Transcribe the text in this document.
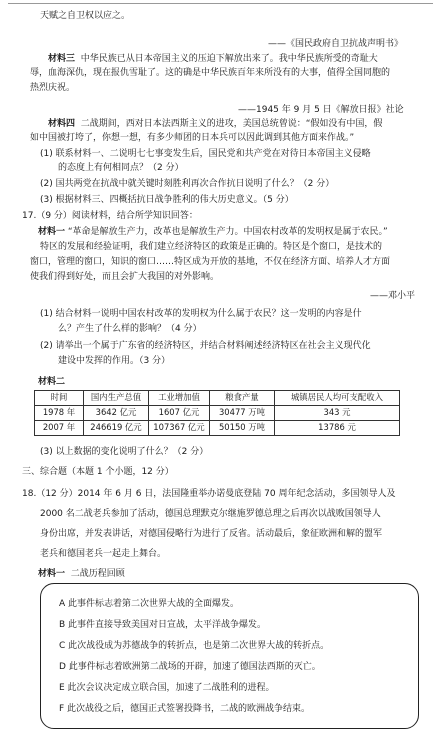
天赋之自卫权以应之。
——《国民政府自卫抗战声明书》
材料三 中华民族已从日本帝国主义的压迫下解放出来了。我中华民族所受的奇耻大
辱，血海深仇，现在报仇雪耻了。这的确是中华民族百年来所没有的大事，值得全国同胞的
热烈庆祝。
——1945 年 9 月 5 日《解放日报》社论
材料四 二战期间，西对日本法西斯主义的进攻，美国总统曾说：“假如没有中国，假
如中国被打垮了，你想一想，有多少师团的日本兵可以因此调到其他方面来作战。”
(1) 联系材料一、二说明七七事变发生后，国民党和共产党在对待日本帝国主义侵略
的态度上有何相同点？（2 分）
(2) 国共两党在抗战中就关键时刻胜利再次合作抗日说明了什么？（2 分）
(3) 根据材料三、四概括抗日战争胜利的伟大历史意义。（5 分）
17.（9 分）阅读材料，结合所学知识回答：
材料一 “革命是解放生产力，改革也是解放生产力。中国农村改革的发明权是属于农民。”
特区的发展和经验证明，我们建立经济特区的政策是正确的。特区是个窗口，是技术的
窗口，管理的窗口，知识的窗口……特区成为开放的基地，不仅在经济方面、培养人才方面
使我们得到好处，而且会扩大我国的对外影响。
——邓小平
(1) 结合材料一说明中国农村改革的发明权为什么属于农民？这一发明的内容是什
么？产生了什么样的影响？（4 分）
(2) 请举出一个属于广东省的经济特区，并结合材料阐述经济特区在社会主义现代化
建设中发挥的作用。（3 分）
材料二
时间	国内生产总值	工业增加值	粮食产量	城镇居民人均可支配收入
1978 年	3642 亿元	1607 亿元	30477 万吨	343 元
2007 年	246619 亿元	107367 亿元	50150 万吨	13786 元
(3) 以上数据的变化说明了什么？（2 分）
三、综合题（本题 1 个小题，12 分）
18.（12 分）2014 年 6 月 6 日，法国隆重举办诺曼底登陆 70 周年纪念活动，多国领导人及
2000 名二战老兵参加了活动，德国总理默克尔继施罗德总理之后再次以战败国领导人
身份出席，并发表讲话，对德国侵略行为进行了反省。活动最后，象征欧洲和解的盟军
老兵和德国老兵一起走上舞台。
材料一 二战历程回顾
A 此事件标志着第二次世界大战的全面爆发。
B 此事件直接导致美国对日宣战，太平洋战争爆发。
C 此次战役成为苏德战争的转折点，也是第二次世界大战的转折点。
D 此事件标志着欧洲第二战场的开辟，加速了德国法西斯的灭亡。
E 此次会议决定成立联合国，加速了二战胜利的进程。
F 此次战役之后，德国正式签署投降书，二战的欧洲战争结束。
